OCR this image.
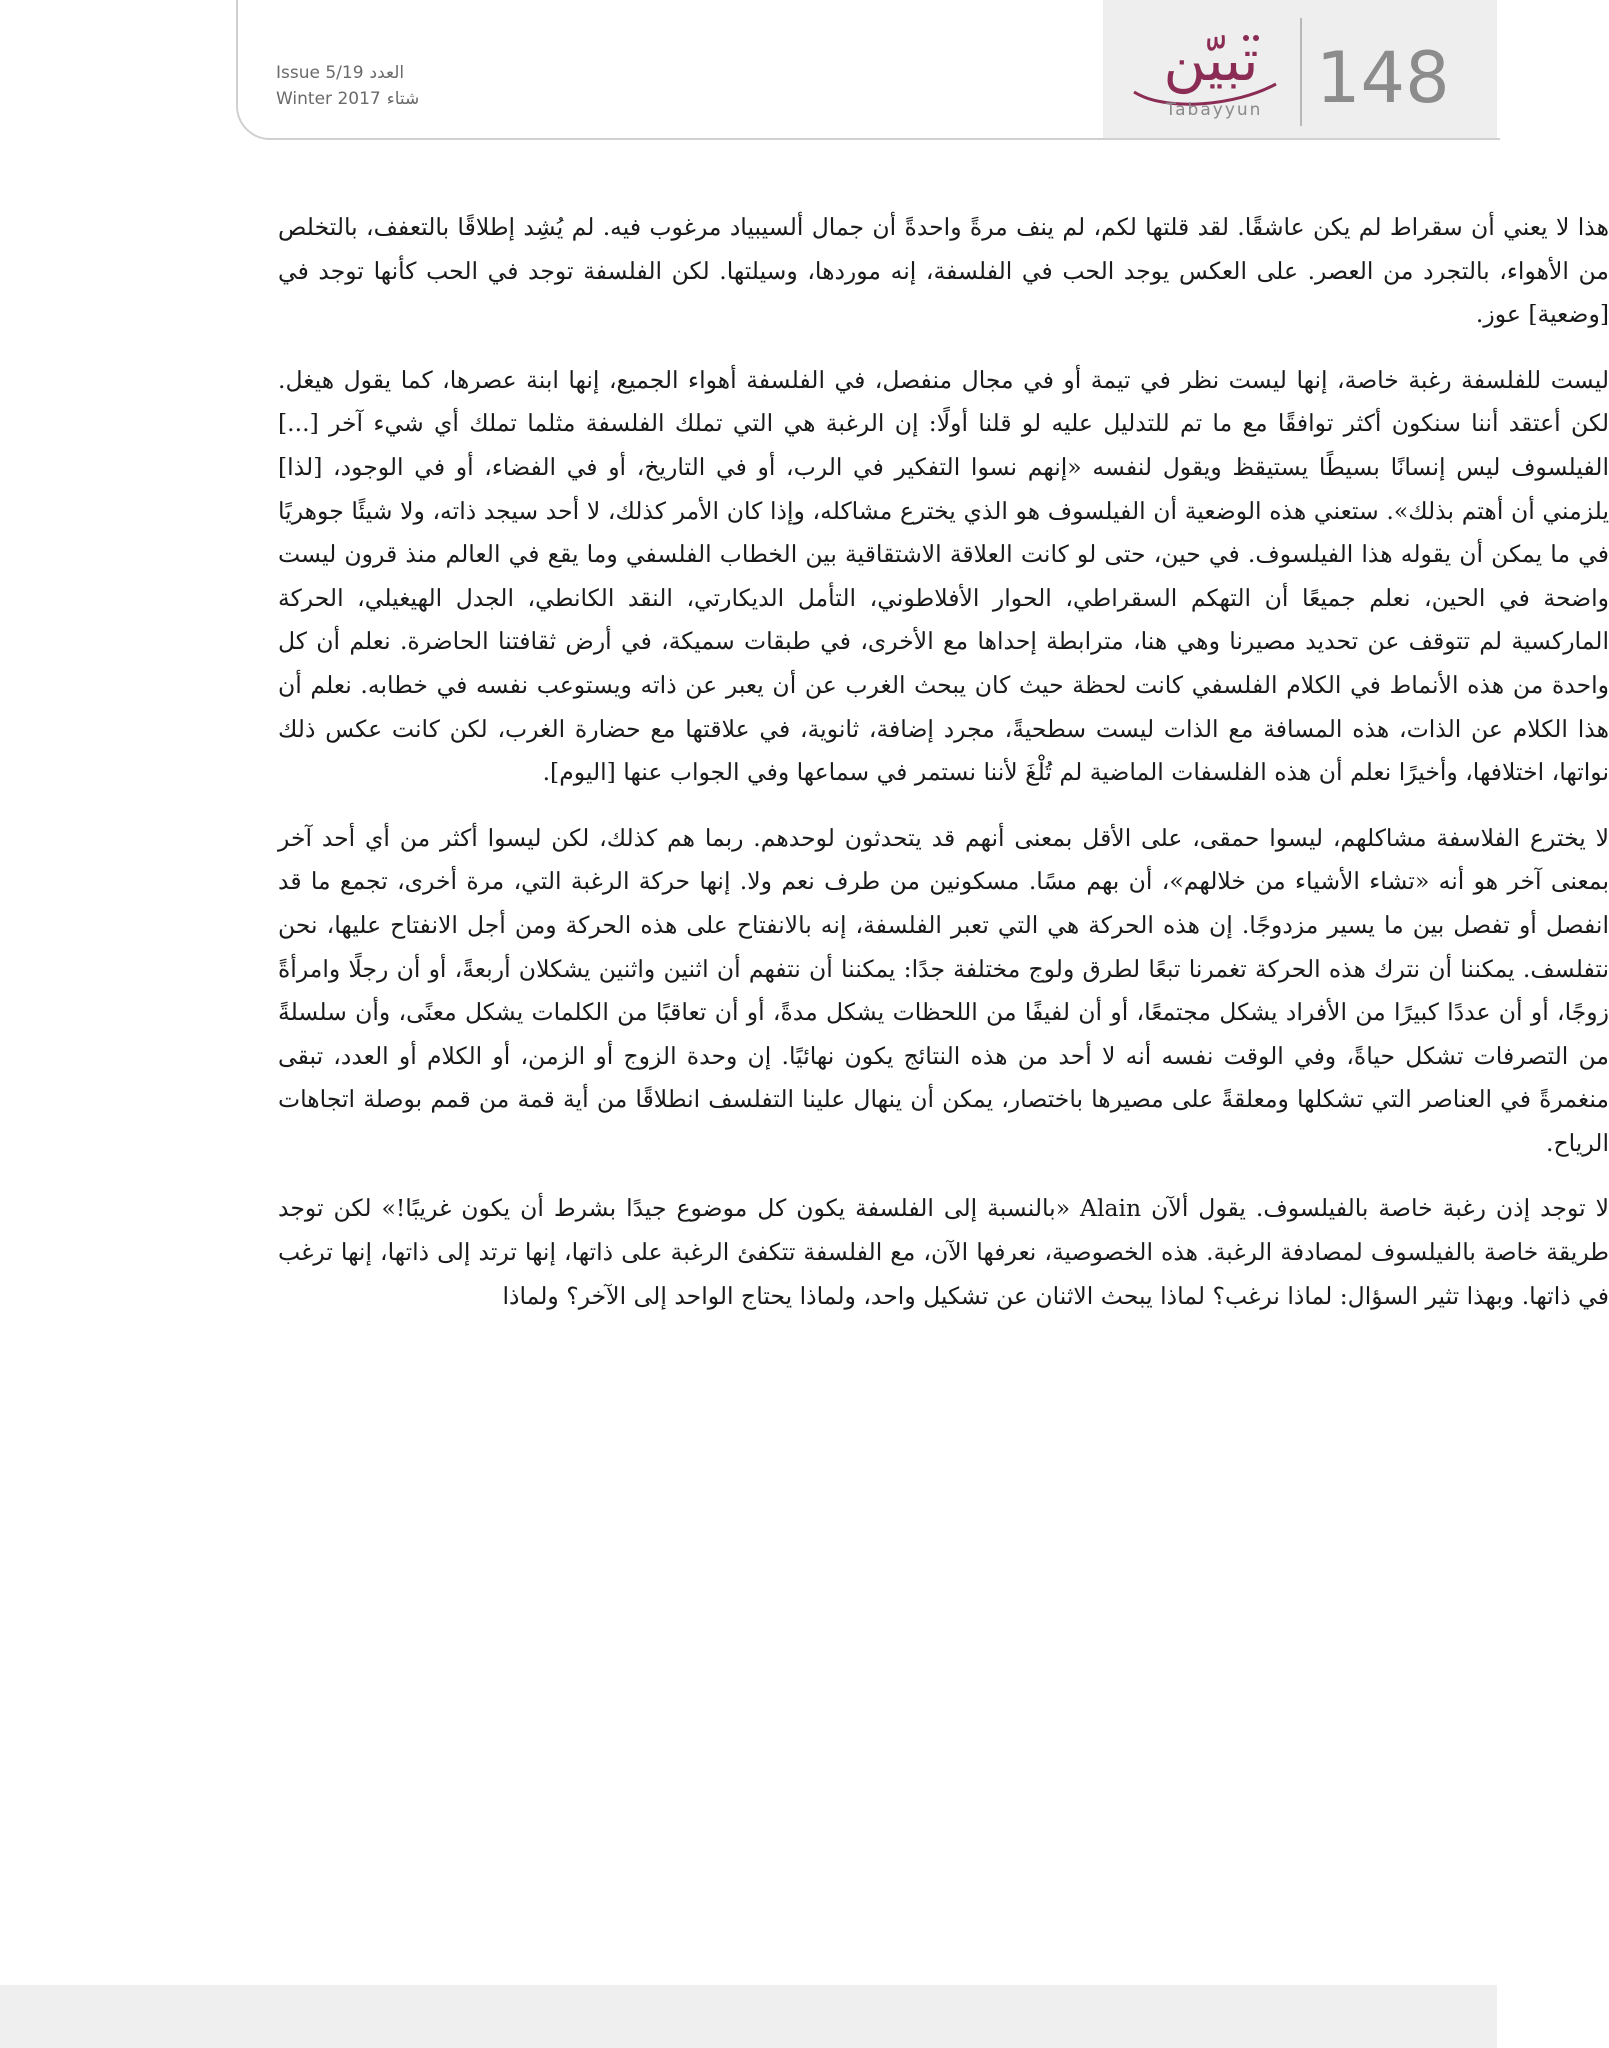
تبيّن
Tabayyun 148
Issue 5/19 العدد
Winter 2017 شتاء

هذا لا يعني أن سقراط لم يكن عاشقًا. لقد قلتها لكم، لم ينف مرةً واحدةً أن جمال ألسيبياد مرغوب فيه. لم يُشِد إطلاقًا بالتعفف، بالتخلص من الأهواء، بالتجرد من العصر. على العكس يوجد الحب في الفلسفة، إنه موردها، وسيلتها. لكن الفلسفة توجد في الحب كأنها توجد في [وضعية] عوز.

ليست للفلسفة رغبة خاصة، إنها ليست نظر في تيمة أو في مجال منفصل، في الفلسفة أهواء الجميع، إنها ابنة عصرها، كما يقول هيغل. لكن أعتقد أننا سنكون أكثر توافقًا مع ما تم للتدليل عليه لو قلنا أولًا: إن الرغبة هي التي تملك الفلسفة مثلما تملك أي شيء آخر [...] الفيلسوف ليس إنسانًا بسيطًا يستيقظ ويقول لنفسه «إنهم نسوا التفكير في الرب، أو في التاريخ، أو في الفضاء، أو في الوجود، [لذا] يلزمني أن أهتم بذلك». ستعني هذه الوضعية أن الفيلسوف هو الذي يخترع مشاكله، وإذا كان الأمر كذلك، لا أحد سيجد ذاته، ولا شيئًا جوهريًا في ما يمكن أن يقوله هذا الفيلسوف. في حين، حتى لو كانت العلاقة الاشتقاقية بين الخطاب الفلسفي وما يقع في العالم منذ قرون ليست واضحة في الحين، نعلم جميعًا أن التهكم السقراطي، الحوار الأفلاطوني، التأمل الديكارتي، النقد الكانطي، الجدل الهيغيلي، الحركة الماركسية لم تتوقف عن تحديد مصيرنا وهي هنا، مترابطة إحداها مع الأخرى، في طبقات سميكة، في أرض ثقافتنا الحاضرة. نعلم أن كل واحدة من هذه الأنماط في الكلام الفلسفي كانت لحظة حيث كان يبحث الغرب عن أن يعبر عن ذاته ويستوعب نفسه في خطابه. نعلم أن هذا الكلام عن الذات، هذه المسافة مع الذات ليست سطحيةً، مجرد إضافة، ثانوية، في علاقتها مع حضارة الغرب، لكن كانت عكس ذلك نواتها، اختلافها، وأخيرًا نعلم أن هذه الفلسفات الماضية لم تُلْغَ لأننا نستمر في سماعها وفي الجواب عنها [اليوم].

لا يخترع الفلاسفة مشاكلهم، ليسوا حمقى، على الأقل بمعنى أنهم قد يتحدثون لوحدهم. ربما هم كذلك، لكن ليسوا أكثر من أي أحد آخر بمعنى آخر هو أنه «تشاء الأشياء من خلالهم»، أن بهم مسًا. مسكونين من طرف نعم ولا. إنها حركة الرغبة التي، مرة أخرى، تجمع ما قد انفصل أو تفصل بين ما يسير مزدوجًا. إن هذه الحركة هي التي تعبر الفلسفة، إنه بالانفتاح على هذه الحركة ومن أجل الانفتاح عليها، نحن نتفلسف. يمكننا أن نترك هذه الحركة تغمرنا تبعًا لطرق ولوج مختلفة جدًا: يمكننا أن نتفهم أن اثنين واثنين يشكلان أربعةً، أو أن رجلًا وامرأةً زوجًا، أو أن عددًا كبيرًا من الأفراد يشكل مجتمعًا، أو أن لفيفًا من اللحظات يشكل مدةً، أو أن تعاقبًا من الكلمات يشكل معنًى، وأن سلسلةً من التصرفات تشكل حياةً، وفي الوقت نفسه أنه لا أحد من هذه النتائج يكون نهائيًا. إن وحدة الزوج أو الزمن، أو الكلام أو العدد، تبقى منغمرةً في العناصر التي تشكلها ومعلقةً على مصيرها باختصار، يمكن أن ينهال علينا التفلسف انطلاقًا من أية قمة من قمم بوصلة اتجاهات الرياح.

لا توجد إذن رغبة خاصة بالفيلسوف. يقول ألآن Alain «بالنسبة إلى الفلسفة يكون كل موضوع جيدًا بشرط أن يكون غريبًا!» لكن توجد طريقة خاصة بالفيلسوف لمصادفة الرغبة. هذه الخصوصية، نعرفها الآن، مع الفلسفة تتكفئ الرغبة على ذاتها، إنها ترتد إلى ذاتها، إنها ترغب في ذاتها. وبهذا تثير السؤال: لماذا نرغب؟ لماذا يبحث الاثنان عن تشكيل واحد، ولماذا يحتاج الواحد إلى الآخر؟ ولماذا
